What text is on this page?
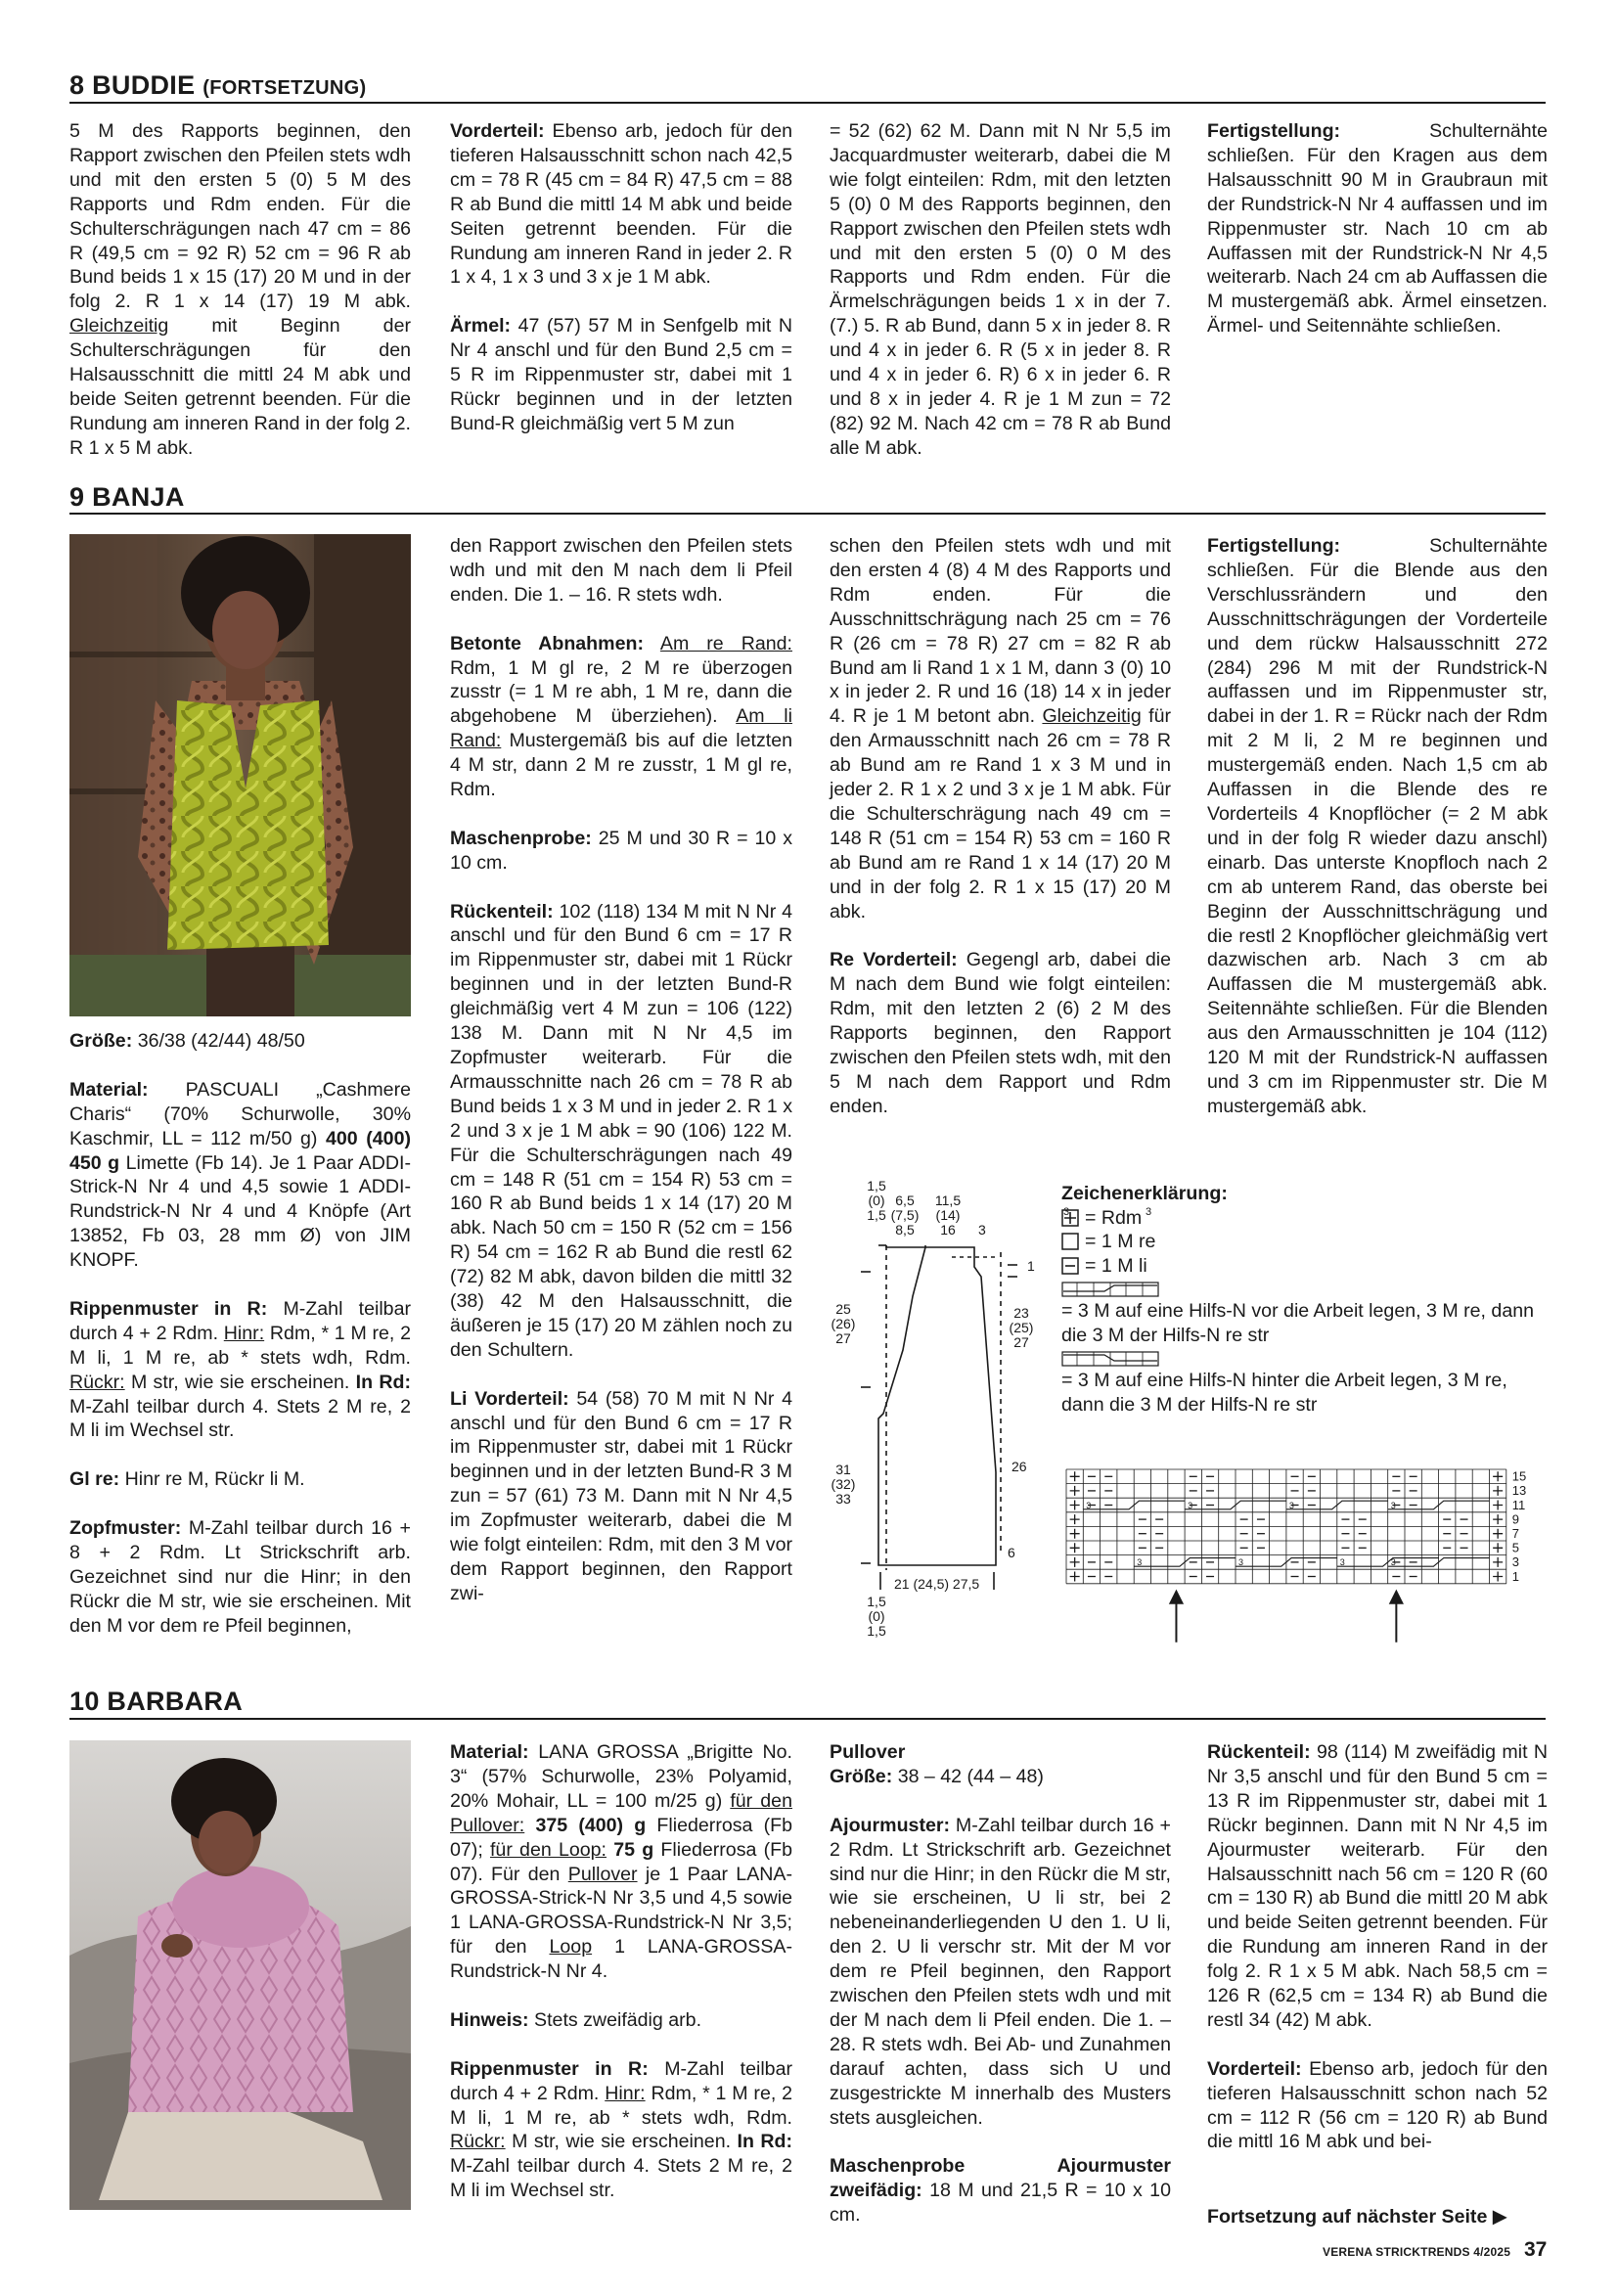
8 BUDDIE (FORTSETZUNG)

5 M des Rapports beginnen, den Rapport zwischen den Pfeilen stets wdh und mit den ersten 5 (0) 5 M des Rapports und Rdm enden. Für die Schulterschrägungen nach 47 cm = 86 R (49,5 cm = 92 R) 52 cm = 96 R ab Bund beids 1 x 15 (17) 20 M und in der folg 2. R 1 x 14 (17) 19 M abk. Gleichzeitig mit Beginn der Schulterschrägungen für den Halsausschnitt die mittl 24 M abk und beide Seiten getrennt beenden. Für die Rundung am inneren Rand in der folg 2. R 1 x 5 M abk.

Vorderteil: Ebenso arb, jedoch für den tieferen Halsausschnitt schon nach 42,5 cm = 78 R (45 cm = 84 R) 47,5 cm = 88 R ab Bund die mittl 14 M abk und beide Seiten getrennt beenden. Für die Rundung am inneren Rand in jeder 2. R 1 x 4, 1 x 3 und 3 x je 1 M abk.

Ärmel: 47 (57) 57 M in Senfgelb mit N Nr 4 anschl und für den Bund 2,5 cm = 5 R im Rippenmuster str, dabei mit 1 Rückr beginnen und in der letzten Bund-R gleichmäßig vert 5 M zun

= 52 (62) 62 M. Dann mit N Nr 5,5 im Jacquardmuster weiterarb, dabei die M wie folgt einteilen: Rdm, mit den letzten 5 (0) 0 M des Rapports beginnen, den Rapport zwischen den Pfeilen stets wdh und mit den ersten 5 (0) 0 M des Rapports und Rdm enden. Für die Ärmelschrägungen beids 1 x in der 7. (7.) 5. R ab Bund, dann 5 x in jeder 8. R und 4 x in jeder 6. R (5 x in jeder 8. R und 4 x in jeder 6. R) 6 x in jeder 6. R und 8 x in jeder 4. R je 1 M zun = 72 (82) 92 M. Nach 42 cm = 78 R ab Bund alle M abk.

Fertigstellung:	Schulternähte schließen. Für den Kragen aus dem Halsausschnitt 90 M in Graubraun mit der Rundstrick-N Nr 4 auffassen und im Rippenmuster str. Nach 10 cm ab Auffassen mit der Rundstrick-N Nr 4,5 weiterarb. Nach 24 cm ab Auffassen die M mustergemäß abk. Ärmel einsetzen. Ärmel- und Seitennähte schließen.

9 BANJA

Größe: 36/38 (42/44) 48/50

Material: PASCUALI „Cashmere Charis“ (70% Schurwolle, 30% Kaschmir, LL = 112 m/50 g) 400 (400) 450 g Limette (Fb 14). Je 1 Paar ADDI-Strick-N Nr 4 und 4,5 sowie 1 ADDI-Rundstrick-N Nr 4 und 4 Knöpfe (Art 13852, Fb 03, 28 mm Ø) von JIM KNOPF.

Rippenmuster in R: M-Zahl teilbar durch 4 + 2 Rdm. Hinr: Rdm, * 1 M re, 2 M li, 1 M re, ab * stets wdh, Rdm. Rückr: M str, wie sie erscheinen. In Rd: M-Zahl teilbar durch 4. Stets 2 M re, 2 M li im Wechsel str.

Gl re: Hinr re M, Rückr li M.

Zopfmuster: M-Zahl teilbar durch 16 + 8 + 2 Rdm. Lt Strickschrift arb. Gezeichnet sind nur die Hinr; in den Rückr die M str, wie sie erscheinen. Mit den M vor dem re Pfeil beginnen,

den Rapport zwischen den Pfeilen stets wdh und mit den M nach dem li Pfeil enden. Die 1. – 16. R stets wdh.

Betonte Abnahmen: Am re Rand: Rdm, 1 M gl re, 2 M re überzogen zusstr (= 1 M re abh, 1 M re, dann die abgehobene M überziehen). Am li Rand: Mustergemäß bis auf die letzten 4 M str, dann 2 M re zusstr, 1 M gl re, Rdm.

Maschenprobe: 25 M und 30 R = 10 x 10 cm.

Rückenteil: 102 (118) 134 M mit N Nr 4 anschl und für den Bund 6 cm = 17 R im Rippenmuster str, dabei mit 1 Rückr beginnen und in der letzten Bund-R gleichmäßig vert 4 M zun = 106 (122) 138 M. Dann mit N Nr 4,5 im Zopfmuster weiterarb. Für die Armausschnitte nach 26 cm = 78 R ab Bund beids 1 x 3 M und in jeder 2. R 1 x 2 und 3 x je 1 M abk = 90 (106) 122 M. Für die Schulterschrägungen nach 49 cm = 148 R (51 cm = 154 R) 53 cm = 160 R ab Bund beids 1 x 14 (17) 20 M abk. Nach 50 cm = 150 R (52 cm = 156 R) 54 cm = 162 R ab Bund die restl 62 (72) 82 M abk, davon bilden die mittl 32 (38) 42 M den Halsausschnitt, die äußeren je 15 (17) 20 M zählen noch zu den Schultern.

Li Vorderteil: 54 (58) 70 M mit N Nr 4 anschl und für den Bund 6 cm = 17 R im Rippenmuster str, dabei mit 1 Rückr beginnen und in der letzten Bund-R 3 M zun = 57 (61) 73 M. Dann mit N Nr 4,5 im Zopfmuster weiterarb, dabei die M wie folgt einteilen: Rdm, mit den 3 M vor dem Rapport beginnen, den Rapport zwi-

schen den Pfeilen stets wdh und mit den ersten 4 (8) 4 M des Rapports und Rdm enden. Für die Ausschnittschrägung nach 25 cm = 76 R (26 cm = 78 R) 27 cm = 82 R ab Bund am li Rand 1 x 1 M, dann 3 (0) 10 x in jeder 2. R und 16 (18) 14 x in jeder 4. R je 1 M betont abn. Gleichzeitig für den Armausschnitt nach 26 cm = 78 R ab Bund am re Rand 1 x 3 M und in jeder 2. R 1 x 2 und 3 x je 1 M abk. Für die Schulterschrägung nach 49 cm = 148 R (51 cm = 154 R) 53 cm = 160 R ab Bund am re Rand 1 x 14 (17) 20 M und in der folg 2. R 1 x 15 (17) 20 M abk.

Re Vorderteil: Gegengl arb, dabei die M nach dem Bund wie folgt einteilen: Rdm, mit den letzten 2 (6) 2 M des Rapports beginnen, den Rapport zwischen den Pfeilen stets wdh, mit den 5 M nach dem Rapport und Rdm enden.

Fertigstellung:	Schulternähte schließen. Für die Blende aus den Verschlussrändern und den Ausschnittschrägungen der Vorderteile und dem rückw Halsausschnitt 272 (284) 296 M mit der Rundstrick-N auffassen und im Rippenmuster str, dabei in der 1. R = Rückr nach der Rdm mit 2 M li, 2 M re beginnen und mustergemäß enden. Nach 1,5 cm ab Auffassen in die Blende des re Vorderteils 4 Knopflöcher (= 2 M abk und in der folg R wieder dazu anschl) einarb. Das unterste Knopfloch nach 2 cm ab unterem Rand, das oberste bei Beginn der Ausschnittschrägung und die restl 2 Knopflöcher gleichmäßig vert dazwischen arb. Nach 3 cm ab Auffassen die M mustergemäß abk. Seitennähte schließen. Für die Blenden aus den Armausschnitten je 104 (112) 120 M mit der Rundstrick-N auffassen und 3 cm im Rippenmuster str. Die M mustergemäß abk.

1,5
(0)
1,5
6,5
(7,5)
8,5
11,5
(14)
16	3
1
25
(26)
27
23
(25)
27
31
(32)
33
26
6
1,5
(0)
1,5
21 (24,5) 27,5
Zeichenerklärung:
= Rdm
= 1 M re
= 1 M li
3	3
= 3 M auf eine Hilfs-N vor die Arbeit legen, 3 M re, dann die 3 M der Hilfs-N re str
= 3 M auf eine Hilfs-N hinter die Arbeit legen, 3 M re, dann die 3 M der Hilfs-N re str
3	3	3	3
3	3	3	3
15
13
11
9
7
5
3
1
10 BARBARA

Material: LANA GROSSA „Brigitte No. 3“ (57% Schurwolle, 23% Polyamid, 20% Mohair, LL = 100 m/25 g) für den Pullover: 375 (400) g Fliederrosa (Fb 07); für den Loop: 75 g Fliederrosa (Fb 07). Für den Pullover je 1 Paar LANA-GROSSA-Strick-N Nr 3,5 und 4,5 sowie 1 LANA-GROSSA-Rundstrick-N Nr 3,5; für den Loop 1 LANA-GROSSA-Rundstrick-N Nr 4.

Hinweis: Stets zweifädig arb.

Rippenmuster in R: M-Zahl teilbar durch 4 + 2 Rdm. Hinr: Rdm, * 1 M re, 2 M li, 1 M re, ab * stets wdh, Rdm. Rückr: M str, wie sie erscheinen. In Rd: M-Zahl teilbar durch 4. Stets 2 M re, 2 M li im Wechsel str.

Pullover

Größe: 38 – 42 (44 – 48)

Ajourmuster: M-Zahl teilbar durch 16 + 2 Rdm. Lt Strickschrift arb. Gezeichnet sind nur die Hinr; in den Rückr die M str, wie sie erscheinen, U li str, bei 2 nebeneinanderliegenden U den 1. U li, den 2. U li verschr str. Mit der M vor dem re Pfeil beginnen, den Rapport zwischen den Pfeilen stets wdh und mit der M nach dem li Pfeil enden. Die 1. – 28. R stets wdh. Bei Ab- und Zunahmen darauf achten, dass sich U und zusgestrickte M innerhalb des Musters stets ausgleichen.

Maschenprobe Ajourmuster zweifädig: 18 M und 21,5 R = 10 x 10 cm.

Rückenteil: 98 (114) M zweifädig mit N Nr 3,5 anschl und für den Bund 5 cm = 13 R im Rippenmuster str, dabei mit 1 Rückr beginnen. Dann mit N Nr 4,5 im Ajourmuster weiterarb. Für den Halsausschnitt nach 56 cm = 120 R (60 cm = 130 R) ab Bund die mittl 20 M abk und beide Seiten getrennt beenden. Für die Rundung am inneren Rand in der folg 2. R 1 x 5 M abk. Nach 58,5 cm = 126 R (62,5 cm = 134 R) ab Bund die restl 34 (42) M abk.

Vorderteil: Ebenso arb, jedoch für den tieferen Halsausschnitt schon nach 52 cm = 112 R (56 cm = 120 R) ab Bund die mittl 16 M abk und bei-

Fortsetzung auf nächster Seite ▶
VERENA STRICKTRENDS 4/2025 37
